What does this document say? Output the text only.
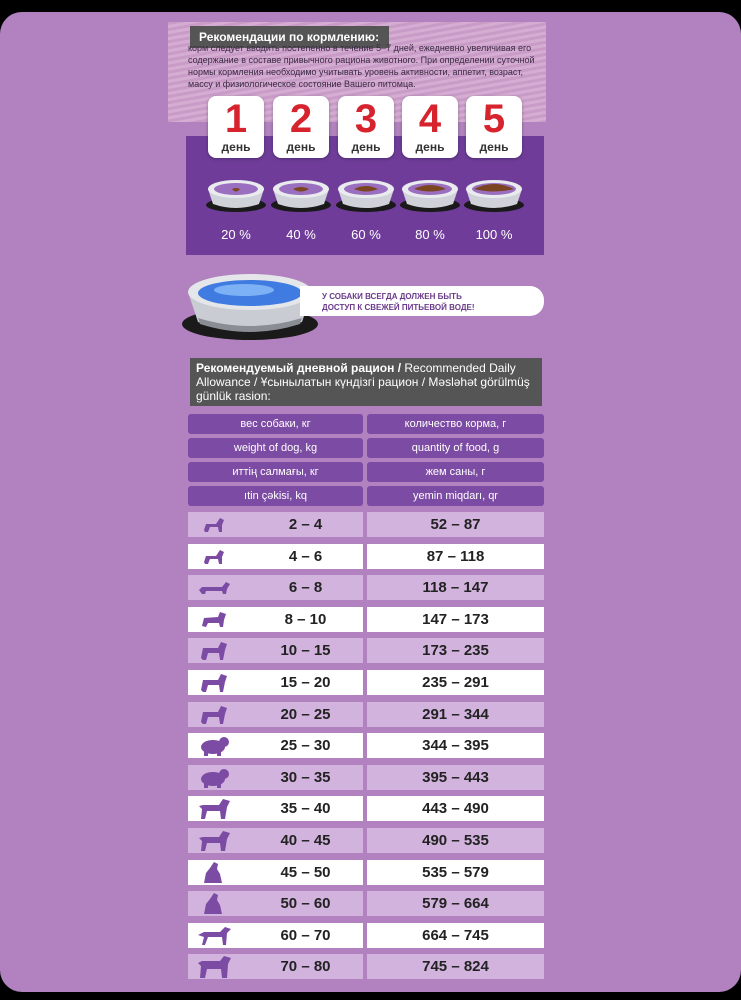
Рекомендации по кормлению:

корм следует вводить постепенно в течение 5–7 дней, ежедневно увеличивая его содержание в составе привычного рациона животного. При определении суточной нормы кормления необходимо учитывать уровень активности, аппетит, возраст, массу и физиологическое состояние Вашего питомца.

1
день
20 %
2
день
40 %
3
день
60 %
4
день
80 %
5
день
100 %
У СОБАКИ ВСЕГДА ДОЛЖЕН БЫТЬ
ДОСТУП К СВЕЖЕЙ ПИТЬЕВОЙ ВОДЕ!
Рекомендуемый дневной рацион / Recommended Daily Allowance / Ұсынылатын күндізгі рацион / Məsləhət görülmüş günlük rasion:
вес собаки, кг	количество корма, г
weight of dog, kg	quantity of food, g
иттің салмағы, кг	жем саны, г
ıtin çəkisi, kq	yemin miqdarı, qr
2 – 4	52 – 87
4 – 6	87 – 118
6 – 8	118 – 147
8 – 10	147 – 173
10 – 15	173 – 235
15 – 20	235 – 291
20 – 25	291 – 344
25 – 30	344 – 395
30 – 35	395 – 443
35 – 40	443 – 490
40 – 45	490 – 535
45 – 50	535 – 579
50 – 60	579 – 664
60 – 70	664 – 745
70 – 80	745 – 824
